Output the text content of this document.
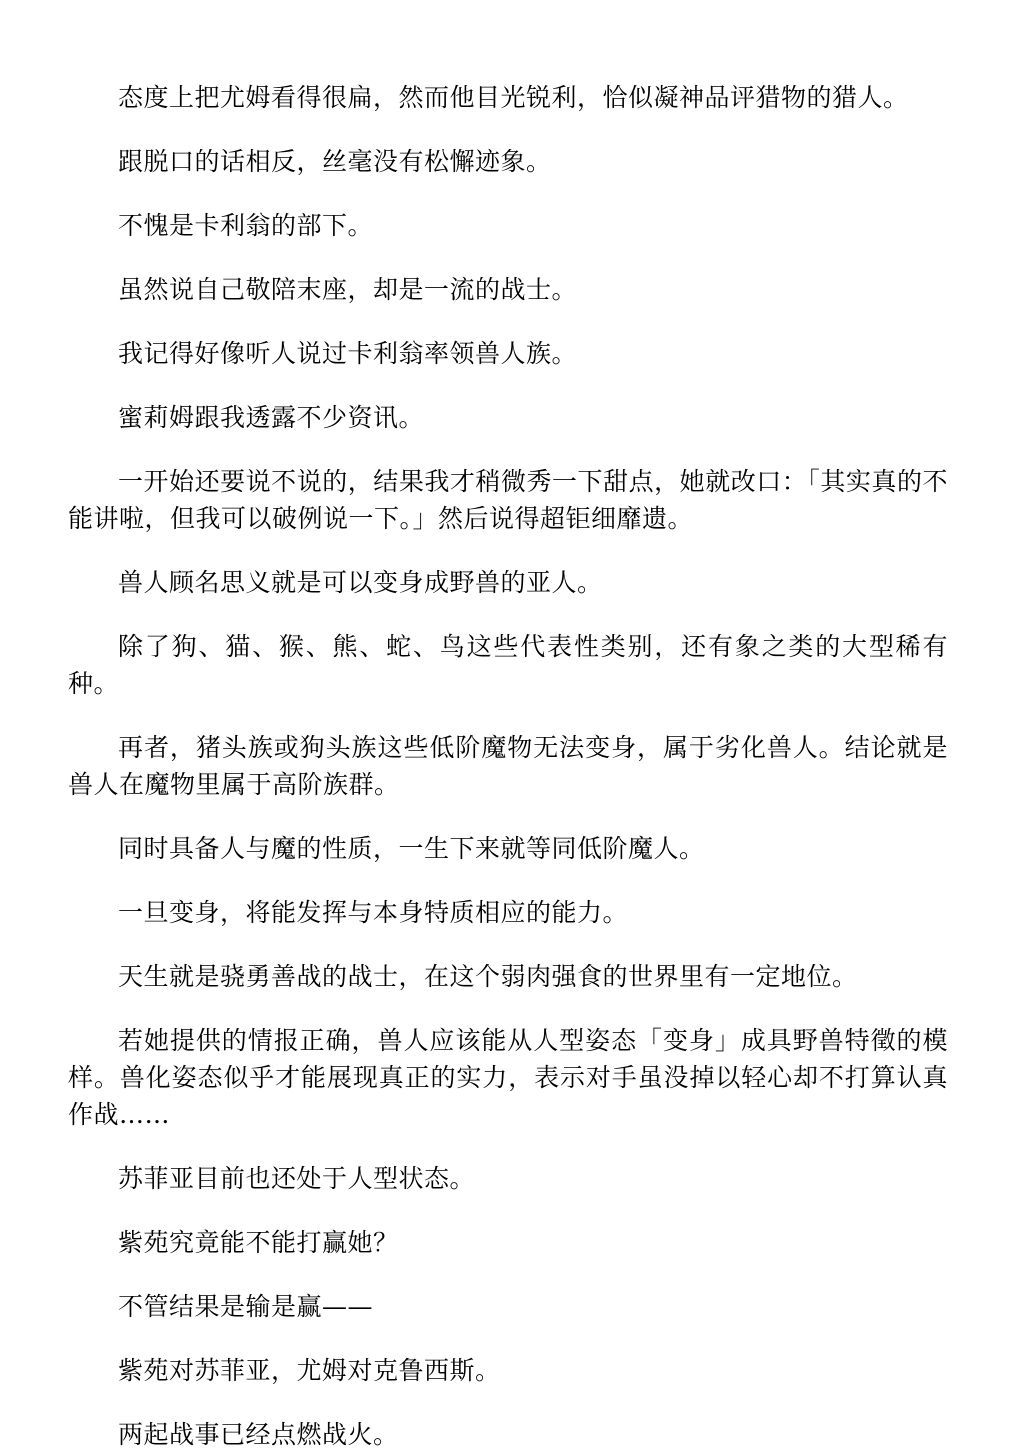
态度上把尤姆看得很扁，然而他目光锐利，恰似凝神品评猎物的猎人。

跟脱口的话相反，丝毫没有松懈迹象。

不愧是卡利翁的部下。

虽然说自己敬陪末座，却是一流的战士。

我记得好像听人说过卡利翁率领兽人族。

蜜莉姆跟我透露不少资讯。

一开始还要说不说的，结果我才稍微秀一下甜点，她就改口：「其实真的不能讲啦，但我可以破例说一下。」然后说得超钜细靡遗。

兽人顾名思义就是可以变身成野兽的亚人。

除了狗、猫、猴、熊、蛇、鸟这些代表性类别，还有象之类的大型稀有种。

再者，猪头族或狗头族这些低阶魔物无法变身，属于劣化兽人。结论就是兽人在魔物里属于高阶族群。

同时具备人与魔的性质，一生下来就等同低阶魔人。

一旦变身，将能发挥与本身特质相应的能力。

天生就是骁勇善战的战士，在这个弱肉强食的世界里有一定地位。

若她提供的情报正确，兽人应该能从人型姿态「变身」成具野兽特徵的模样。兽化姿态似乎才能展现真正的实力，表示对手虽没掉以轻心却不打算认真作战……

苏菲亚目前也还处于人型状态。

紫苑究竟能不能打赢她？

不管结果是输是赢——

紫苑对苏菲亚，尤姆对克鲁西斯。

两起战事已经点燃战火。
